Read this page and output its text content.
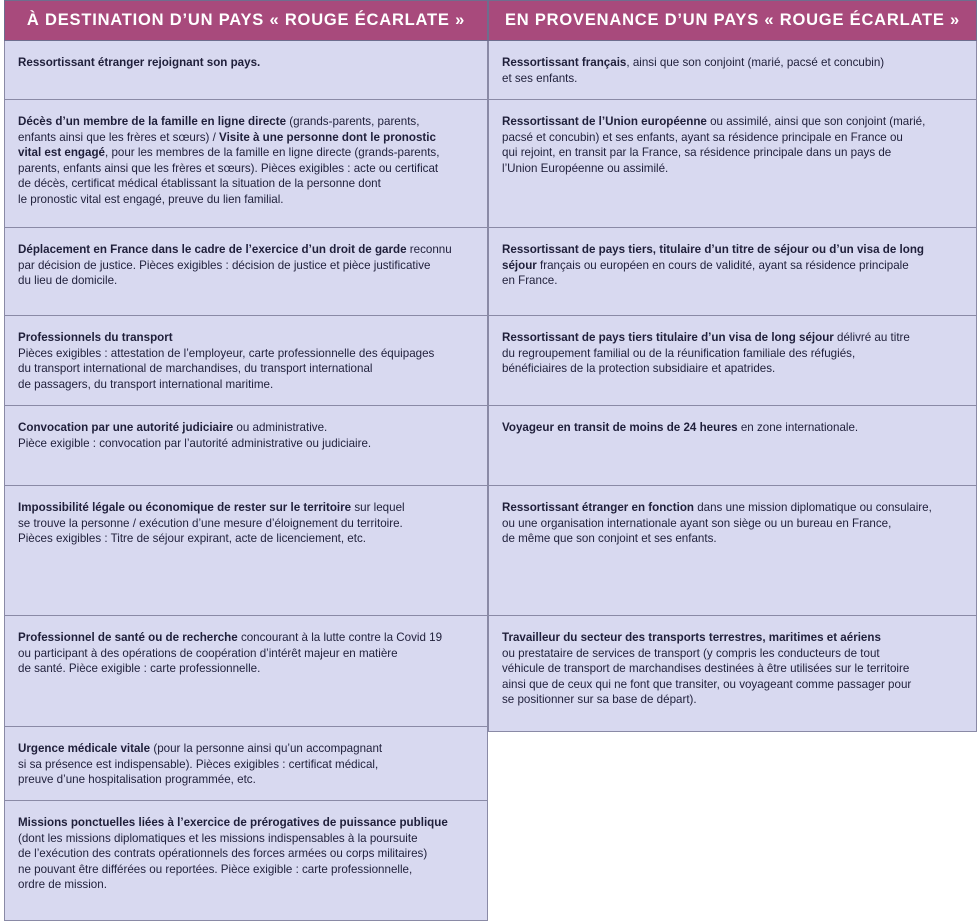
À DESTINATION D’UN PAYS « ROUGE ÉCARLATE »
Ressortissant étranger rejoignant son pays.
Décès d’un membre de la famille en ligne directe (grands-parents, parents,
enfants ainsi que les frères et sœurs) / Visite à une personne dont le pronostic
vital est engagé, pour les membres de la famille en ligne directe (grands-parents,
parents, enfants ainsi que les frères et sœurs). Pièces exigibles : acte ou certificat
de décès, certificat médical établissant la situation de la personne dont
le pronostic vital est engagé, preuve du lien familial.
Déplacement en France dans le cadre de l’exercice d’un droit de garde reconnu
par décision de justice. Pièces exigibles : décision de justice et pièce justificative
du lieu de domicile.
Professionnels du transport
Pièces exigibles : attestation de l’employeur, carte professionnelle des équipages
du transport international de marchandises, du transport international
de passagers, du transport international maritime.
Convocation par une autorité judiciaire ou administrative.
Pièce exigible : convocation par l’autorité administrative ou judiciaire.
Impossibilité légale ou économique de rester sur le territoire sur lequel
se trouve la personne / exécution d’une mesure d’éloignement du territoire.
Pièces exigibles : Titre de séjour expirant, acte de licenciement, etc.
Professionnel de santé ou de recherche concourant à la lutte contre la Covid 19
ou participant à des opérations de coopération d’intérêt majeur en matière
de santé. Pièce exigible : carte professionnelle.
Urgence médicale vitale (pour la personne ainsi qu’un accompagnant
si sa présence est indispensable). Pièces exigibles : certificat médical,
preuve d’une hospitalisation programmée, etc.
Missions ponctuelles liées à l’exercice de prérogatives de puissance publique
(dont les missions diplomatiques et les missions indispensables à la poursuite
de l’exécution des contrats opérationnels des forces armées ou corps militaires)
ne pouvant être différées ou reportées. Pièce exigible : carte professionnelle,
ordre de mission.
EN PROVENANCE D’UN PAYS « ROUGE ÉCARLATE »
Ressortissant français, ainsi que son conjoint (marié, pacsé et concubin)
et ses enfants.
Ressortissant de l’Union européenne ou assimilé, ainsi que son conjoint (marié,
pacsé et concubin) et ses enfants, ayant sa résidence principale en France ou
qui rejoint, en transit par la France, sa résidence principale dans un pays de
l’Union Européenne ou assimilé.
Ressortissant de pays tiers, titulaire d’un titre de séjour ou d’un visa de long
séjour français ou européen en cours de validité, ayant sa résidence principale
en France.
Ressortissant de pays tiers titulaire d’un visa de long séjour délivré au titre
du regroupement familial ou de la réunification familiale des réfugiés,
bénéficiaires de la protection subsidiaire et apatrides.
Voyageur en transit de moins de 24 heures en zone internationale.
Ressortissant étranger en fonction dans une mission diplomatique ou consulaire,
ou une organisation internationale ayant son siège ou un bureau en France,
de même que son conjoint et ses enfants.
Travailleur du secteur des transports terrestres, maritimes et aériens
ou prestataire de services de transport (y compris les conducteurs de tout
véhicule de transport de marchandises destinées à être utilisées sur le territoire
ainsi que de ceux qui ne font que transiter, ou voyageant comme passager pour
se positionner sur sa base de départ).
